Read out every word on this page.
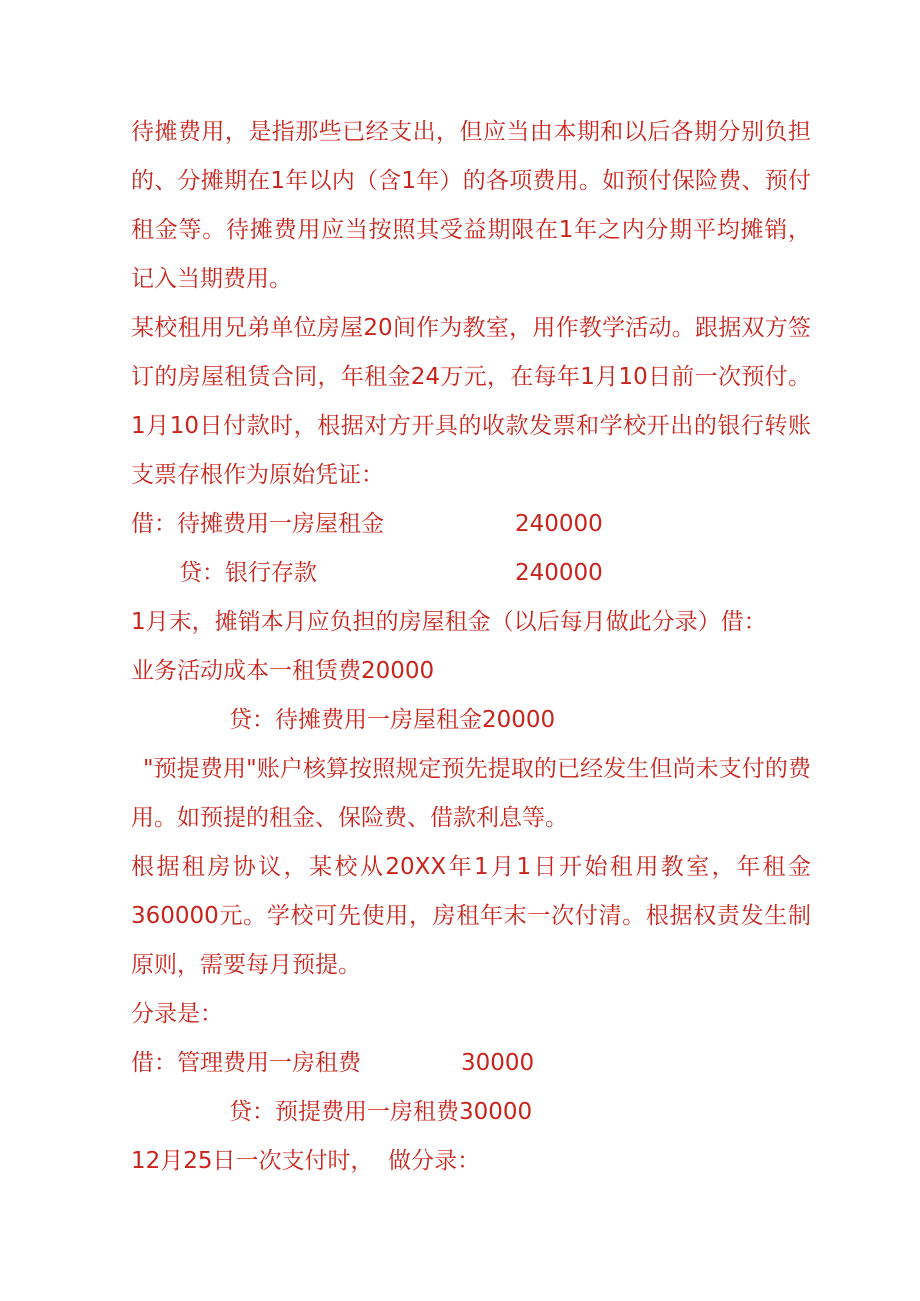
待摊费用，是指那些已经支出，但应当由本期和以后各期分别负担的、分摊期在1年以内（含1年）的各项费用。如预付保险费、预付租金等。待摊费用应当按照其受益期限在1年之内分期平均摊销，记入当期费用。

某校租用兄弟单位房屋20间作为教室，用作教学活动。跟据双方签订的房屋租赁合同，年租金24万元，在每年1月10日前一次预付。1月10日付款时，根据对方开具的收款发票和学校开出的银行转账支票存根作为原始凭证：

借：待摊费用一房屋租金	240000
贷：银行存款	240000
1月末，摊销本月应负担的房屋租金（以后每月做此分录）借：
业务活动成本一租赁费20000
贷：待摊费用一房屋租金20000

"预提费用"账户核算按照规定预先提取的已经发生但尚未支付的费用。如预提的租金、保险费、借款利息等。

根据租房协议，某校从20XX年1月1日开始租用教室，年租金360000元。学校可先使用，房租年末一次付清。根据权责发生制原则，需要每月预提。

分录是：
借：管理费用一房租费	30000
贷：预提费用一房租费30000
12月25日一次支付时，  做分录：
